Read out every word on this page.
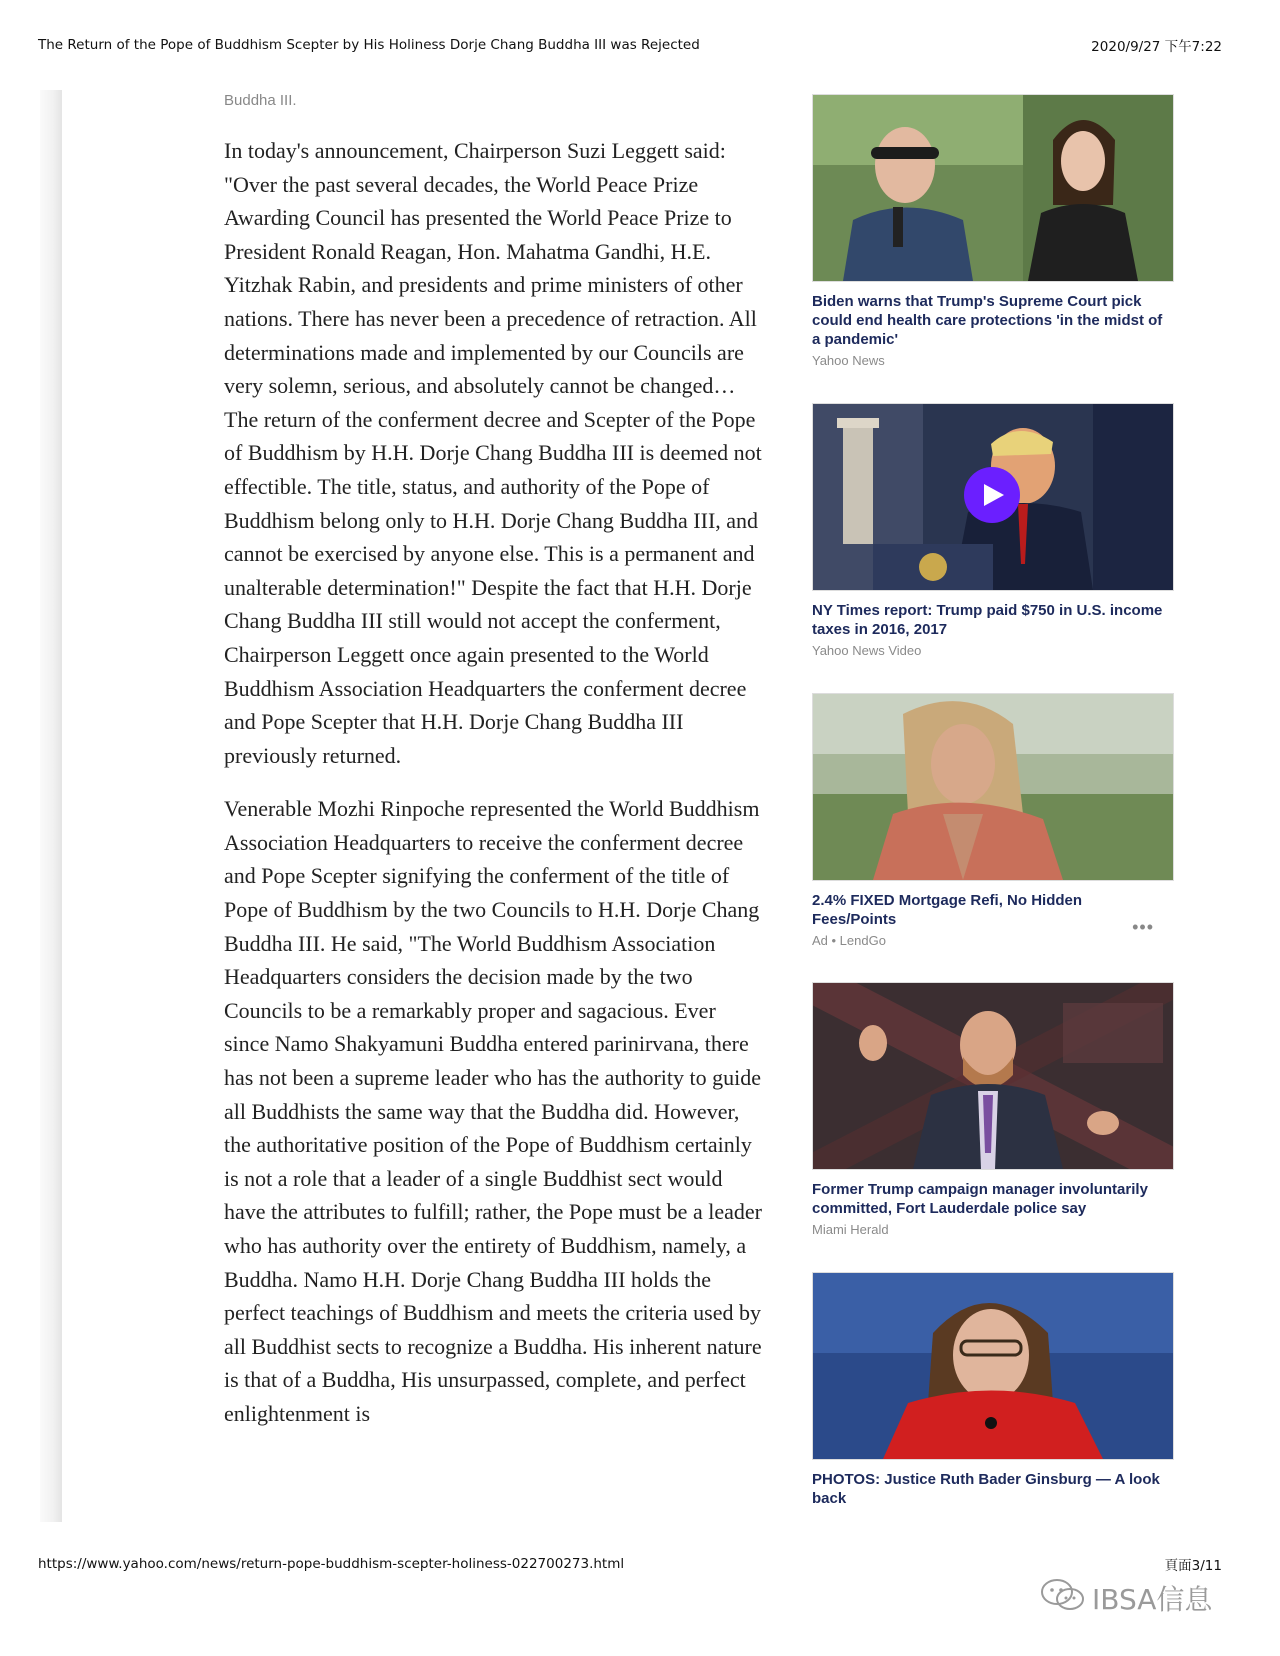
The Return of the Pope of Buddhism Scepter by His Holiness Dorje Chang Buddha III was Rejected	2020/9/27 下午7:22
Buddha III.

In today's announcement, Chairperson Suzi Leggett said: "Over the past several decades, the World Peace Prize Awarding Council has presented the World Peace Prize to President Ronald Reagan, Hon. Mahatma Gandhi, H.E. Yitzhak Rabin, and presidents and prime ministers of other nations. There has never been a precedence of retraction. All determinations made and implemented by our Councils are very solemn, serious, and absolutely cannot be changed…The return of the conferment decree and Scepter of the Pope of Buddhism by H.H. Dorje Chang Buddha III is deemed not effectible. The title, status, and authority of the Pope of Buddhism belong only to H.H. Dorje Chang Buddha III, and cannot be exercised by anyone else. This is a permanent and unalterable determination!" Despite the fact that H.H. Dorje Chang Buddha III still would not accept the conferment, Chairperson Leggett once again presented to the World Buddhism Association Headquarters the conferment decree and Pope Scepter that H.H. Dorje Chang Buddha III previously returned.

Venerable Mozhi Rinpoche represented the World Buddhism Association Headquarters to receive the conferment decree and Pope Scepter signifying the conferment of the title of Pope of Buddhism by the two Councils to H.H. Dorje Chang Buddha III. He said, "The World Buddhism Association Headquarters considers the decision made by the two Councils to be a remarkably proper and sagacious. Ever since Namo Shakyamuni Buddha entered parinirvana, there has not been a supreme leader who has the authority to guide all Buddhists the same way that the Buddha did. However, the authoritative position of the Pope of Buddhism certainly is not a role that a leader of a single Buddhist sect would have the attributes to fulfill; rather, the Pope must be a leader who has authority over the entirety of Buddhism, namely, a Buddha. Namo H.H. Dorje Chang Buddha III holds the perfect teachings of Buddhism and meets the criteria used by all Buddhist sects to recognize a Buddha. His inherent nature is that of a Buddha, His unsurpassed, complete, and perfect enlightenment is

Biden warns that Trump's Supreme Court pick could end health care protections 'in the midst of a pandemic'
Yahoo News
NY Times report: Trump paid $750 in U.S. income taxes in 2016, 2017
Yahoo News Video
2.4% FIXED Mortgage Refi, No Hidden Fees/Points
Ad • LendGo
•••
Former Trump campaign manager involuntarily committed, Fort Lauderdale police say
Miami Herald
PHOTOS: Justice Ruth Bader Ginsburg — A look back
https://www.yahoo.com/news/return-pope-buddhism-scepter-holiness-022700273.html	頁面3/11
IBSA信息
